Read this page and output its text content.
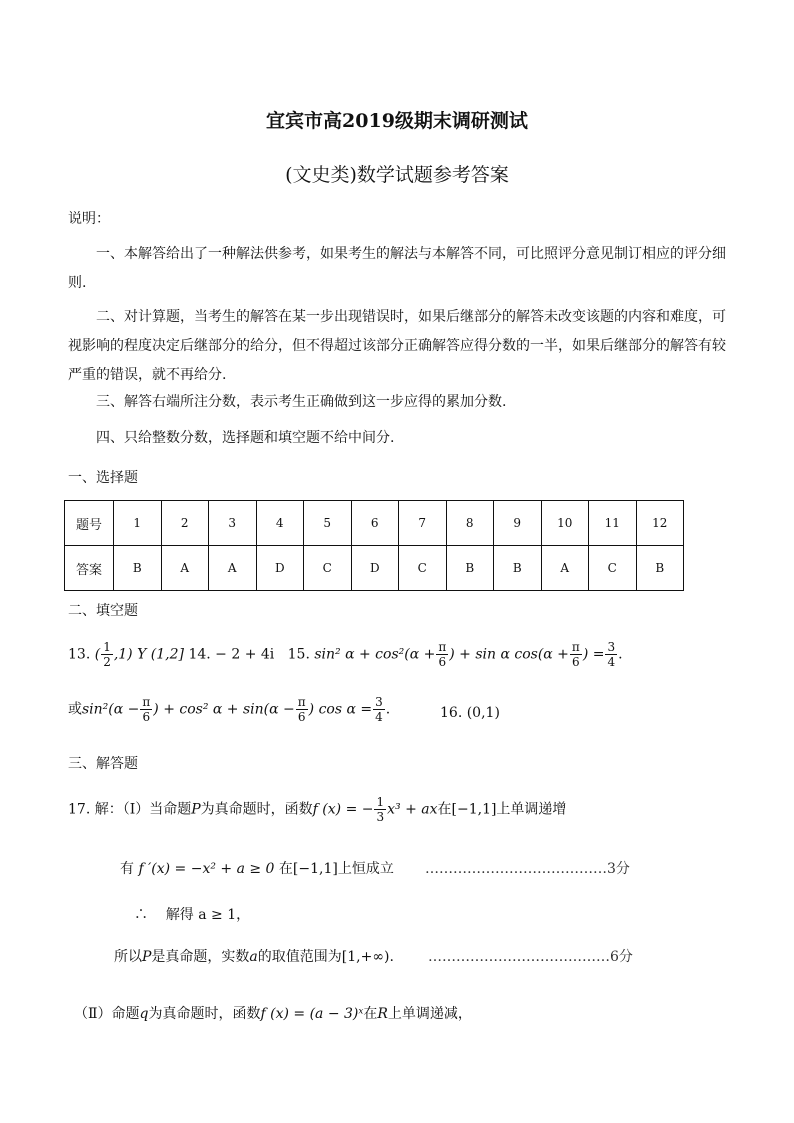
宜宾市高2019级期末调研测试
(文史类)数学试题参考答案
说明：

一、本解答给出了一种解法供参考，如果考生的解法与本解答不同，可比照评分意见制订相应的评分细则.

二、对计算题，当考生的解答在某一步出现错误时，如果后继部分的解答未改变该题的内容和难度，可视影响的程度决定后继部分的给分，但不得超过该部分正确解答应得分数的一半，如果后继部分的解答有较严重的错误，就不再给分.

三、解答右端所注分数，表示考生正确做到这一步应得的累加分数.

四、只给整数分数，选择题和填空题不给中间分.

一、选择题
题号	1	2	3	4	5	6	7	8	9	10	11	12
答案	B	A	A	D	C	D	C	B	B	A	C	B
二、填空题
13. ( $\frac{1}{2} ,1$) Y (1,2] 14. − 2 + 4i 15. sin² $\alpha + \cos^2(\alpha + \frac{\pi}{6}$ ) + sin α $\cos(\alpha + \frac{\pi}{6}$ ) = $\frac{3}{4}$ .
或$\sin^2(\alpha - \frac{\pi}{6}$ ) + cos² $\alpha + \sin(\alpha - \frac{\pi}{6}$ ) $\cos \alpha = \frac{3}{4}$ .	16. (0,1)
三、解答题
17. 解：（Ⅰ）当命题P为真命题时，函数f (x) = − $\frac{1}{3} x^3$ + ax在[−1,1]上单调递增
有 f ′(x) = −x² + a ≥ 0 在[−1,1]上恒成立 …………………………………3分
∴ 解得 a ≥ 1，
所以P是真命题，实数a的取值范围为[1,+∞). …………………………………6分
（Ⅱ）命题q为真命题时，函数f (x) = (a − 3)ˣ在R上单调递减，
